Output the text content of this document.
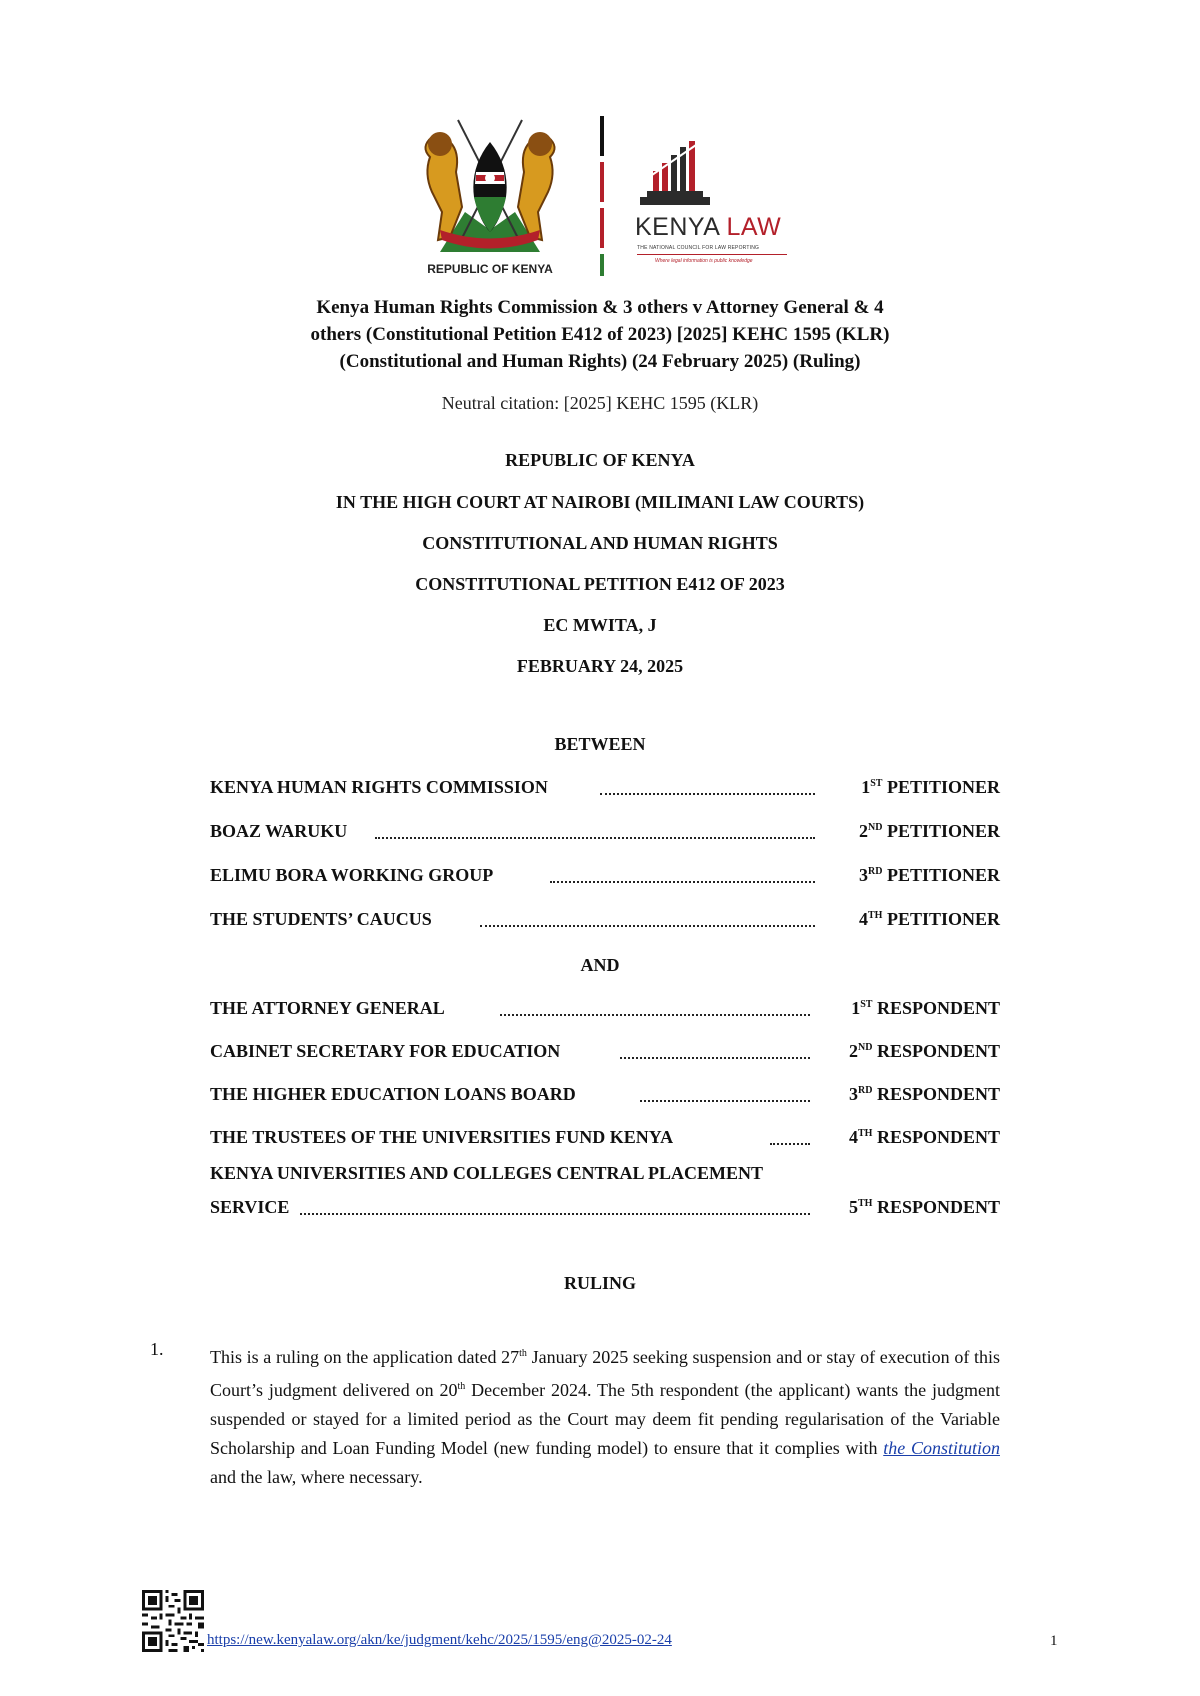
REPUBLIC OF KENYA
KENYA LAW
THE NATIONAL COUNCIL FOR LAW REPORTING
Where legal information is public knowledge
Kenya Human Rights Commission & 3 others v Attorney General & 4
others (Constitutional Petition E412 of 2023) [2025] KEHC 1595 (KLR)
(Constitutional and Human Rights) (24 February 2025) (Ruling)
Neutral citation: [2025] KEHC 1595 (KLR)
REPUBLIC OF KENYA
IN THE HIGH COURT AT NAIROBI (MILIMANI LAW COURTS)
CONSTITUTIONAL AND HUMAN RIGHTS
CONSTITUTIONAL PETITION E412 OF 2023
EC MWITA, J
FEBRUARY 24, 2025
BETWEEN
KENYA HUMAN RIGHTS COMMISSION	1ST PETITIONER
BOAZ WARUKU	2ND PETITIONER
ELIMU BORA WORKING GROUP	3RD PETITIONER
THE STUDENTS’ CAUCUS	4TH PETITIONER
AND
THE ATTORNEY GENERAL	1ST RESPONDENT
CABINET SECRETARY FOR EDUCATION	2ND RESPONDENT
THE HIGHER EDUCATION LOANS BOARD	3RD RESPONDENT
THE TRUSTEES OF THE UNIVERSITIES FUND KENYA	4TH RESPONDENT
KENYA UNIVERSITIES AND COLLEGES CENTRAL PLACEMENT
SERVICE	5TH RESPONDENT
RULING
1.	This is a ruling on the application dated 27th January 2025 seeking suspension and or stay of execution of this Court’s judgment delivered on 20th December 2024. The 5th respondent (the applicant) wants the judgment suspended or stayed for a limited period as the Court may deem fit pending regularisation of the Variable Scholarship and Loan Funding Model (new funding model) to ensure that it complies with the Constitution and the law, where necessary.
https://new.kenyalaw.org/akn/ke/judgment/kehc/2025/1595/eng@2025-02-24	1
